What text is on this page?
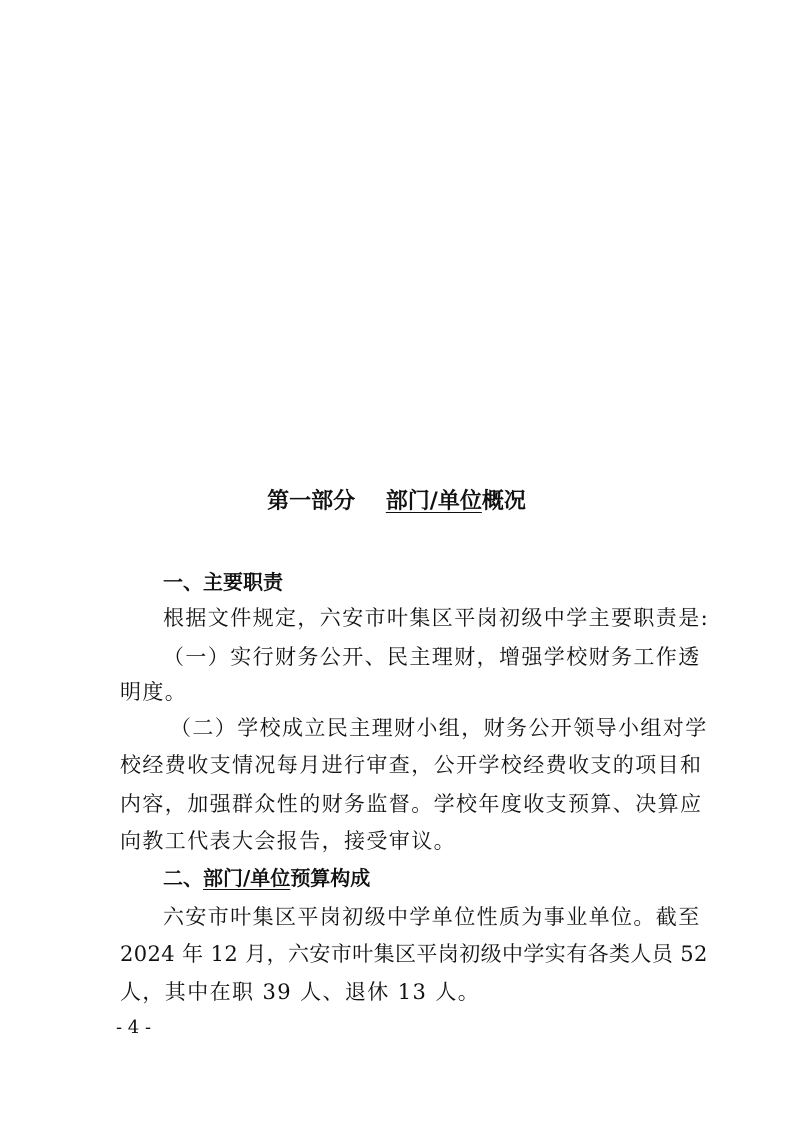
第一部分 部门/单位概况
一、主要职责
根据文件规定，六安市叶集区平岗初级中学主要职责是:
（一）实行财务公开、民主理财，增强学校财务工作透
明度。
（二）学校成立民主理财小组，财务公开领导小组对学
校经费收支情况每月进行审查，公开学校经费收支的项目和
内容，加强群众性的财务监督。学校年度收支预算、决算应
向教工代表大会报告，接受审议。
二、部门/单位预算构成
六安市叶集区平岗初级中学单位性质为事业单位。截至
2024 年 12 月，六安市叶集区平岗初级中学实有各类人员 52
人，其中在职 39 人、退休 13 人。
- 4 -
